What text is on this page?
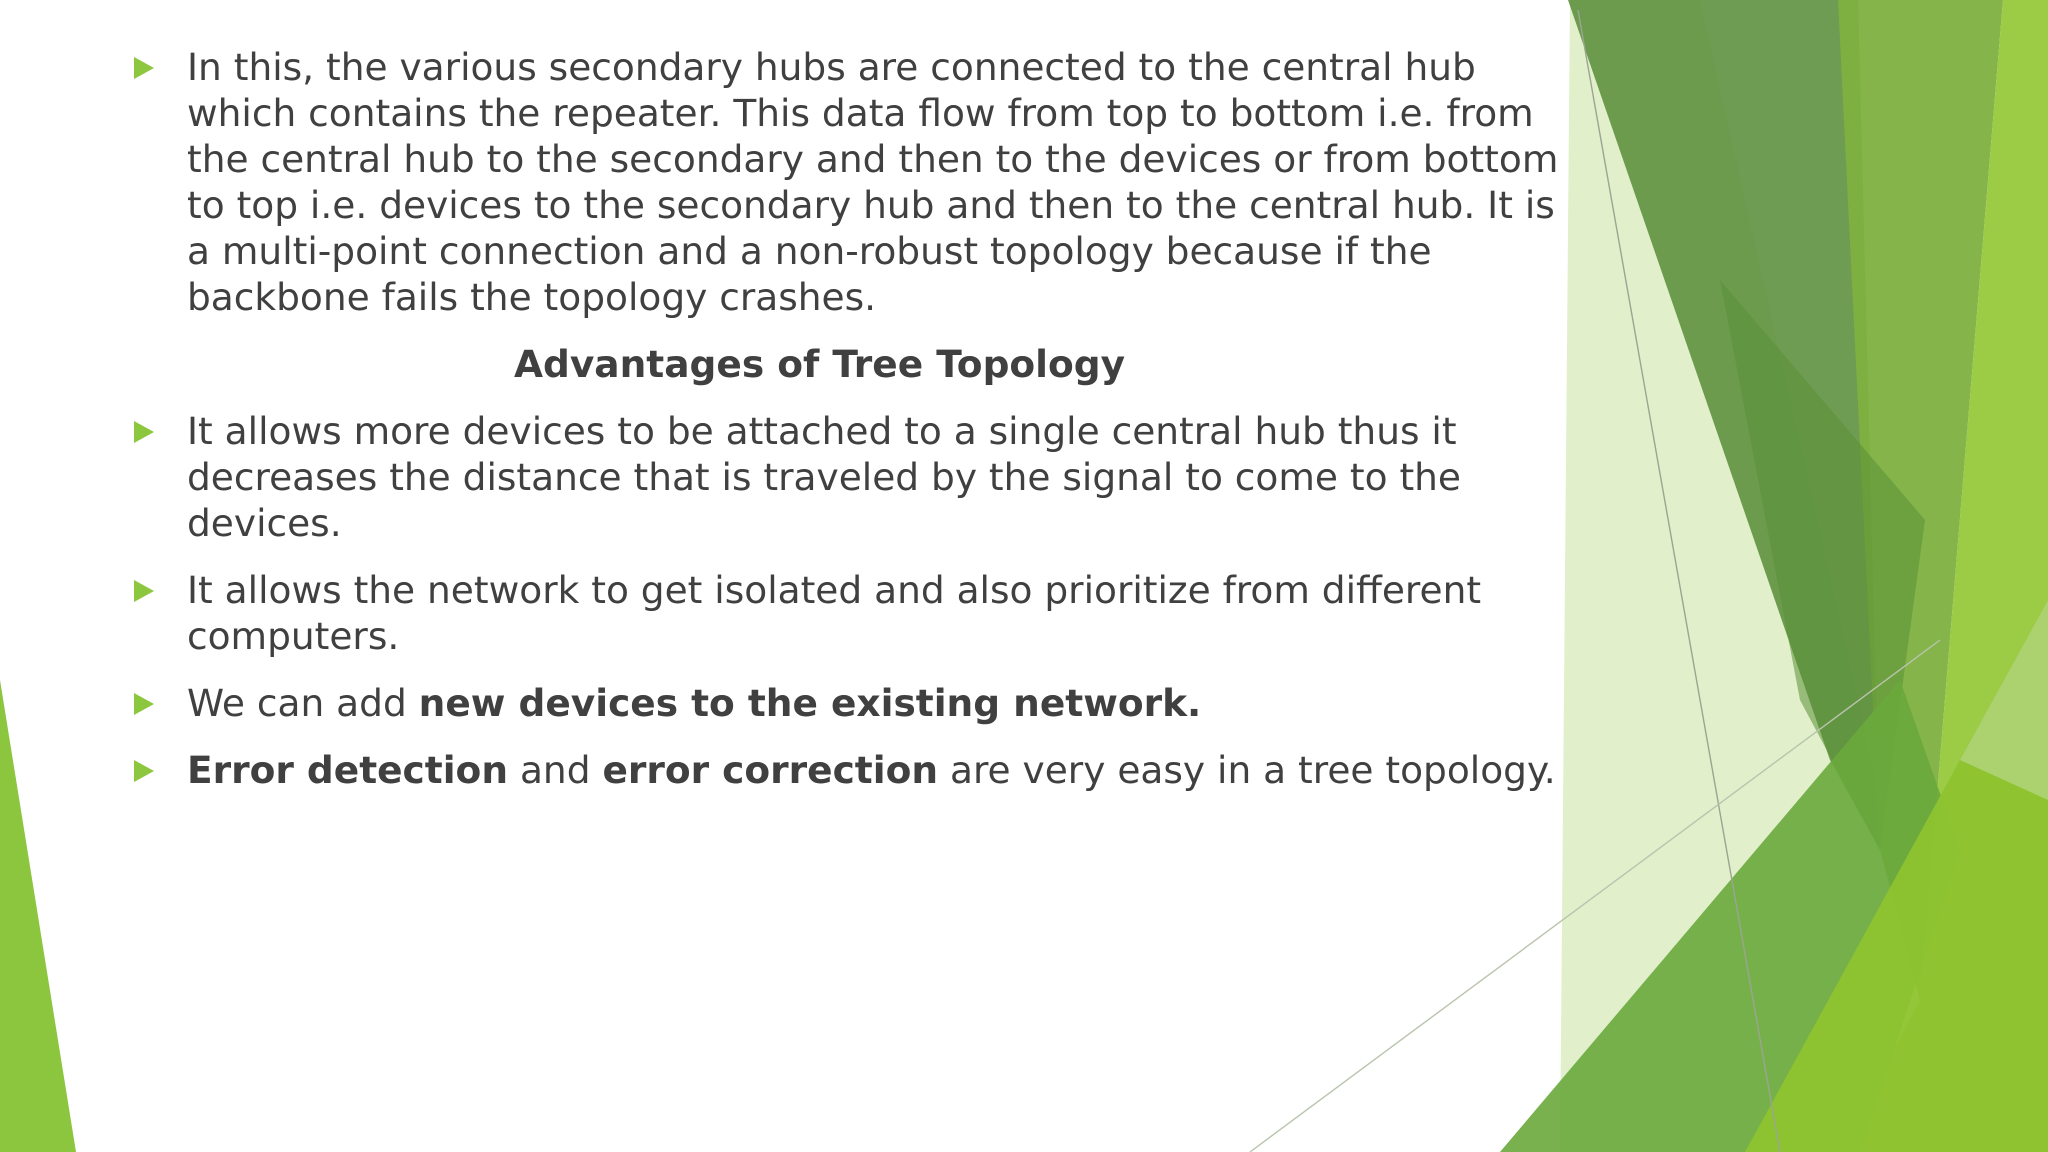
In this, the various secondary hubs are connected to the central hub which contains the repeater. This data flow from top to bottom i.e. from the central hub to the secondary and then to the devices or from bottom to top i.e. devices to the secondary hub and then to the central hub. It is a multi-point connection and a non-robust topology because if the backbone fails the topology crashes.
Advantages of Tree Topology
It allows more devices to be attached to a single central hub thus it decreases the distance that is traveled by the signal to come to the devices.
It allows the network to get isolated and also prioritize from different computers.
We can add new devices to the existing network.
Error detection and error correction are very easy in a tree topology.
